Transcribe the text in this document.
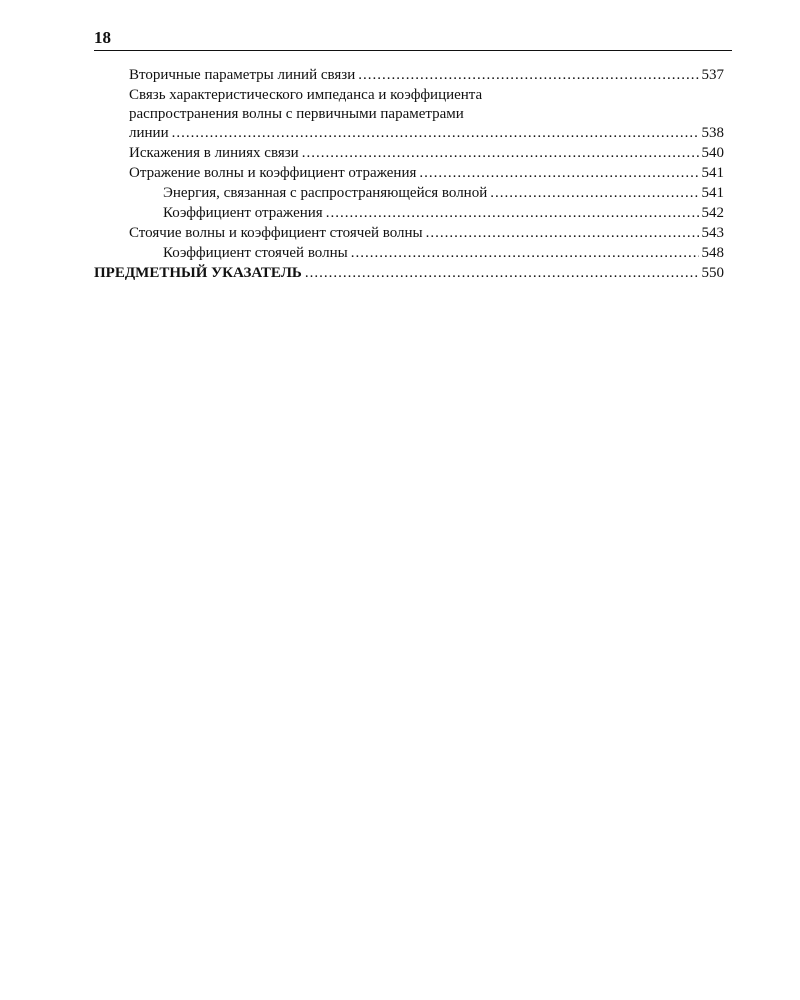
18
Вторичные параметры линий связи .....	537
Связь характеристического импеданса и коэффициента
распространения волны с первичными параметрами
линии .....	538
Искажения в линиях связи .....	540
Отражение волны и коэффициент отражения .....	541
Энергия, связанная с распространяющейся волной .....	541
Коэффициент отражения .....	542
Стоячие волны и коэффициент стоячей волны .....	543
Коэффициент стоячей волны .....	548
ПРЕДМЕТНЫЙ УКАЗАТЕЛЬ .....	550
